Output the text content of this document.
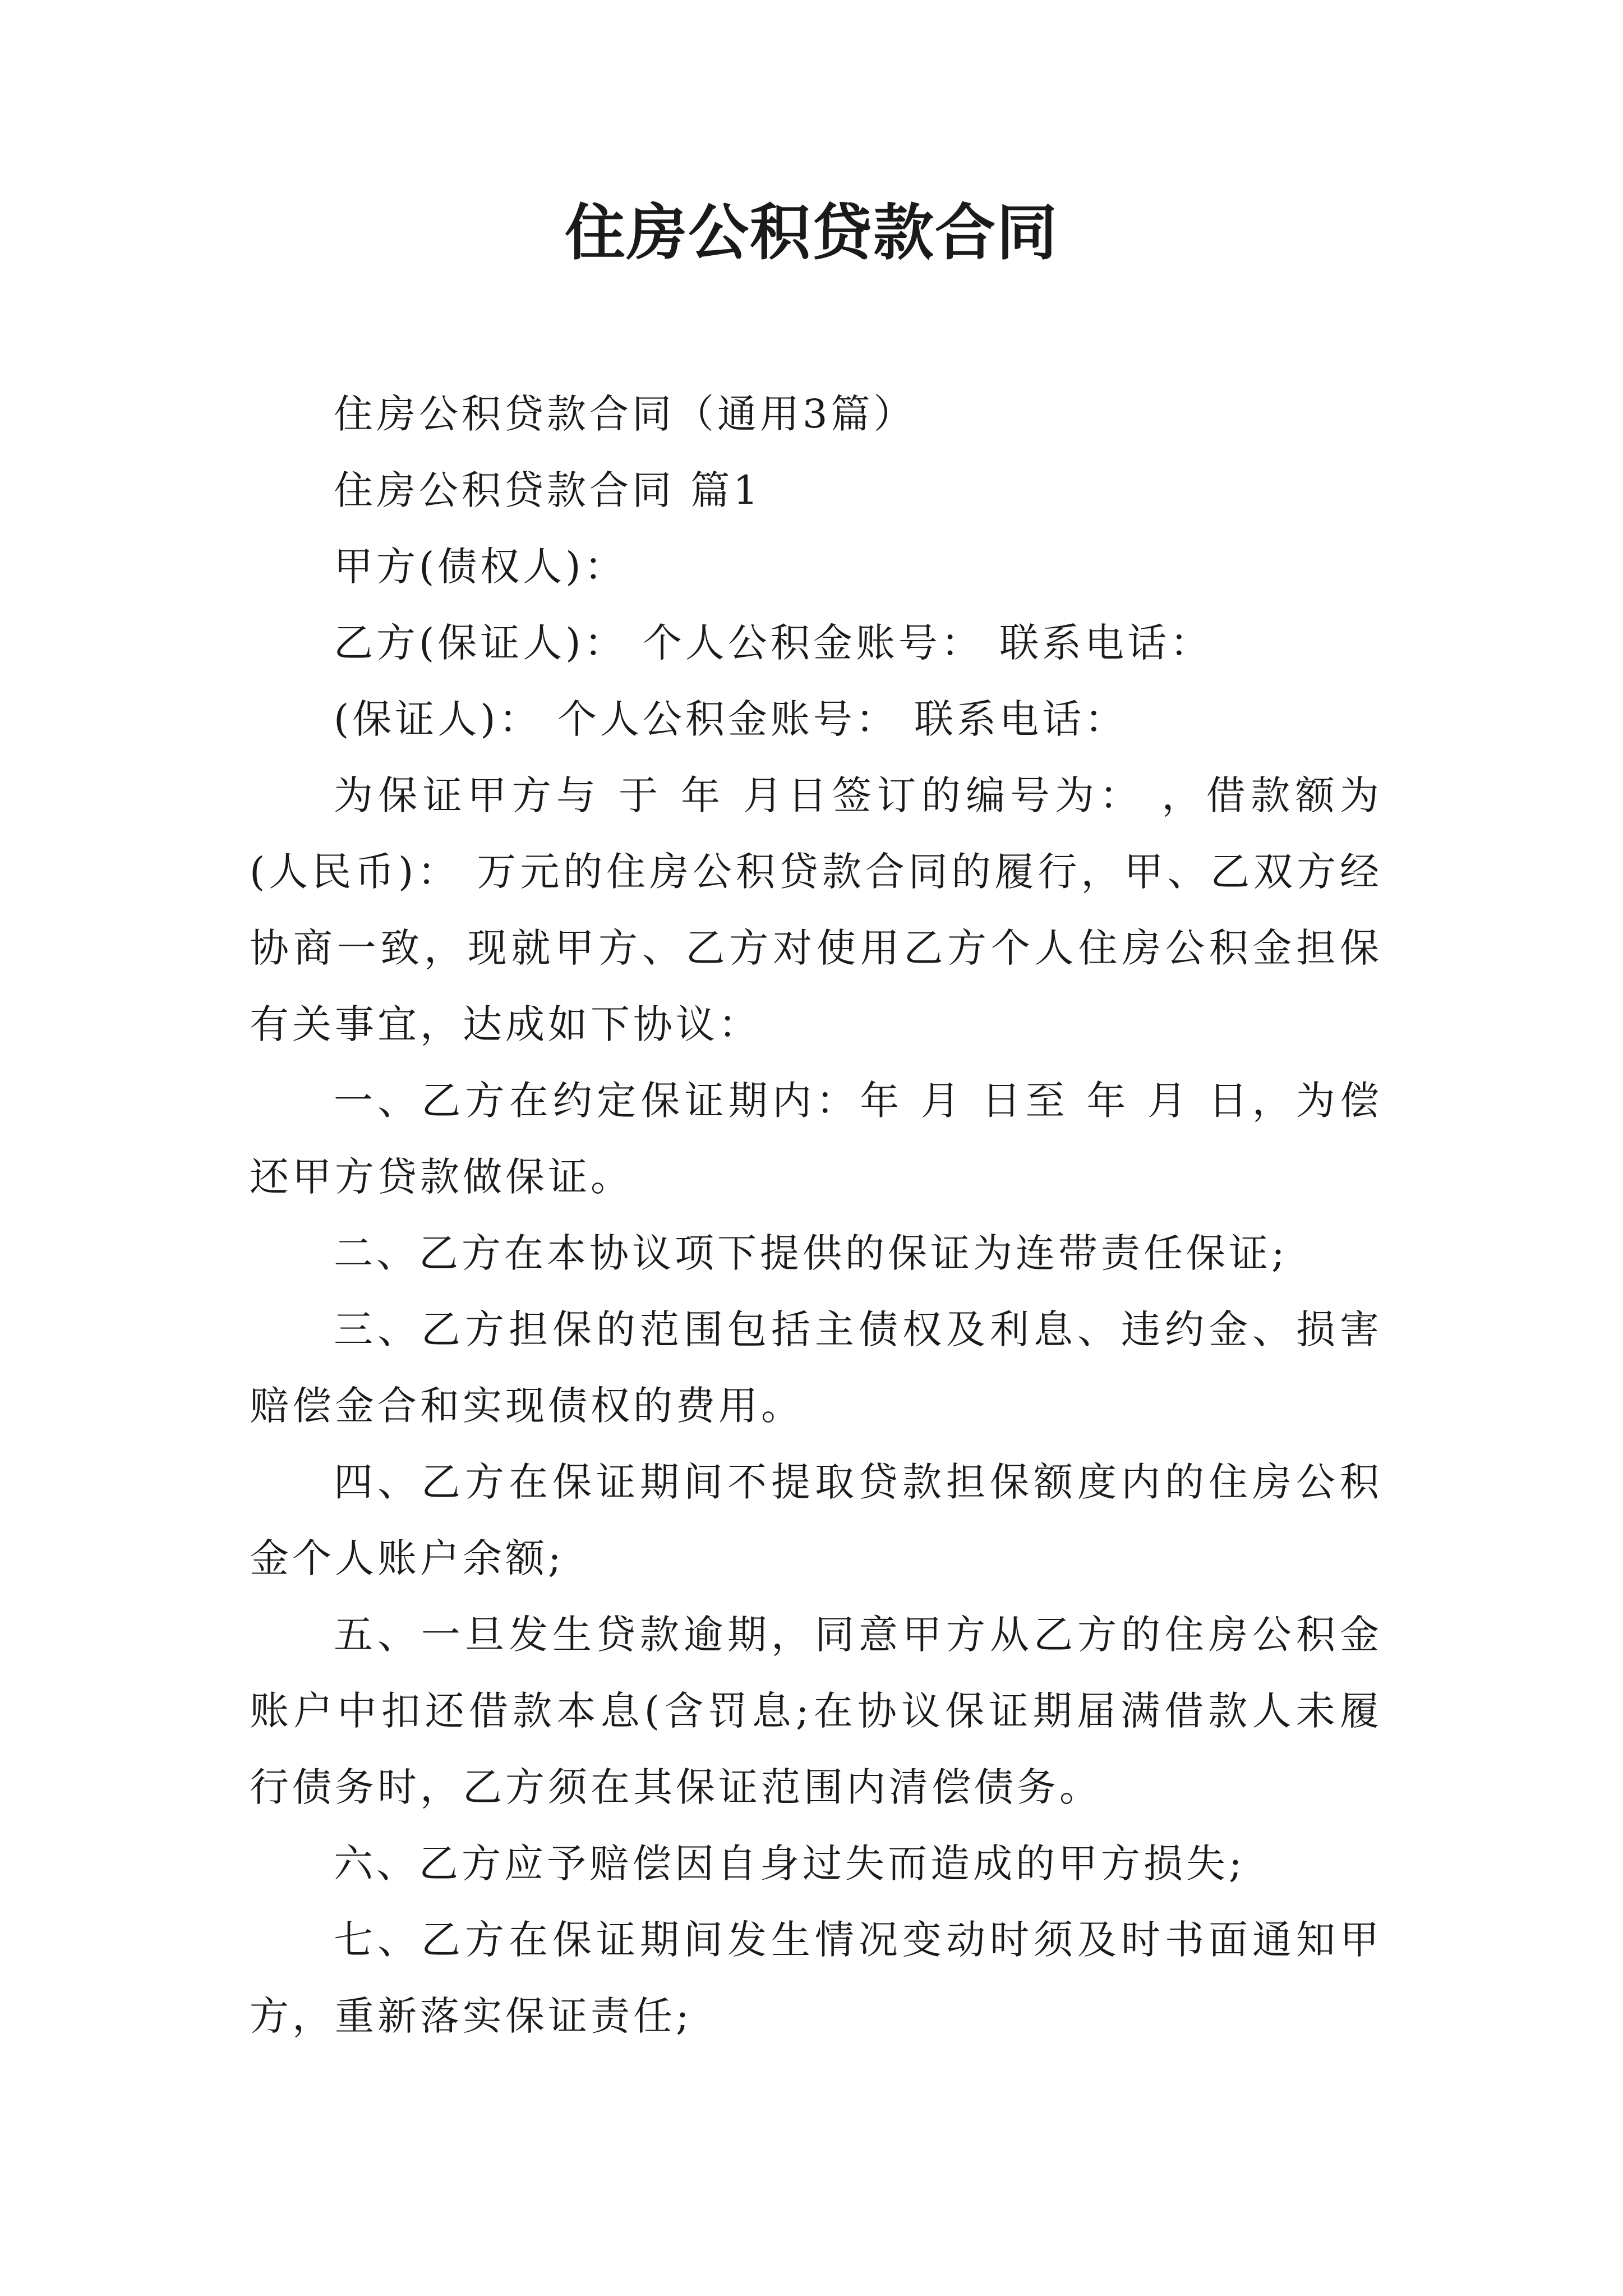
住房公积贷款合同

住房公积贷款合同（通用3篇）

住房公积贷款合同 篇1

甲方(债权人)：

乙方(保证人)： 个人公积金账号： 联系电话：

(保证人)： 个人公积金账号： 联系电话：

为保证甲方与 于 年 月日签订的编号为： ，借款额为(人民币)： 万元的住房公积贷款合同的履行，甲、乙双方经协商一致，现就甲方、乙方对使用乙方个人住房公积金担保有关事宜，达成如下协议：

一、乙方在约定保证期内：年 月 日至 年 月 日，为偿还甲方贷款做保证。

二、乙方在本协议项下提供的保证为连带责任保证;

三、乙方担保的范围包括主债权及利息、违约金、损害赔偿金合和实现债权的费用。

四、乙方在保证期间不提取贷款担保额度内的住房公积金个人账户余额;

五、一旦发生贷款逾期，同意甲方从乙方的住房公积金账户中扣还借款本息(含罚息;在协议保证期届满借款人未履行债务时，乙方须在其保证范围内清偿债务。

六、乙方应予赔偿因自身过失而造成的甲方损失;

七、乙方在保证期间发生情况变动时须及时书面通知甲方，重新落实保证责任;
